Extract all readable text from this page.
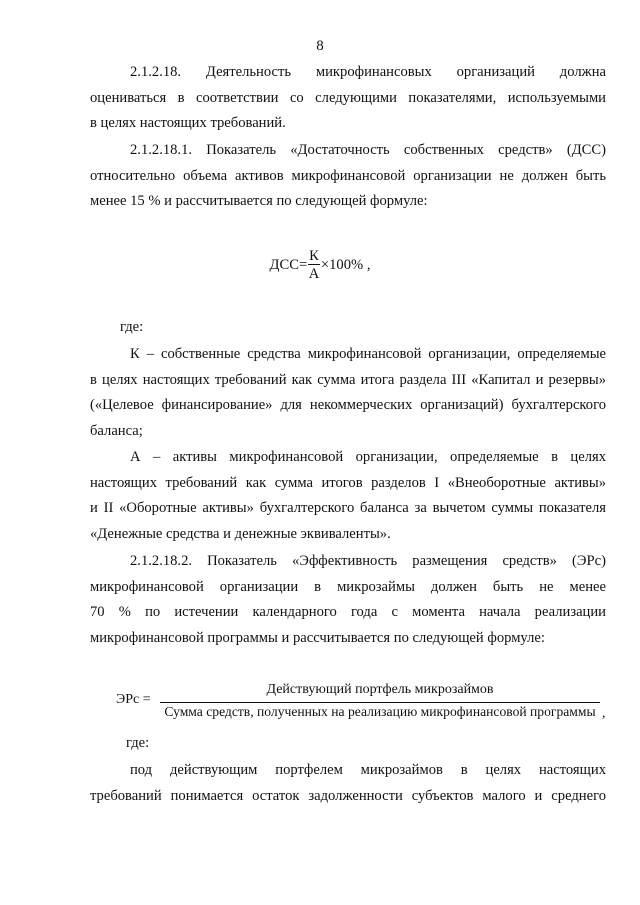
8

2.1.2.18. Деятельность микрофинансовых организаций должна
оцениваться в соответствии со следующими показателями, используемыми
в целях настоящих требований.

2.1.2.18.1. Показатель «Достаточность собственных средств» (ДСС)
относительно объема активов микрофинансовой организации не должен быть
менее 15 % и рассчитывается по следующей формуле:

$ДСС= \frac{К}{А} \times 100\%$ ,
где:

К – собственные средства микрофинансовой организации, определяемые
в целях настоящих требований как сумма итога раздела III «Капитал и резервы»
(«Целевое финансирование» для некоммерческих организаций) бухгалтерского
баланса;

А – активы микрофинансовой организации, определяемые в целях
настоящих требований как сумма итогов разделов I «Внеоборотные активы»
и II «Оборотные активы» бухгалтерского баланса за вычетом суммы показателя
«Денежные средства и денежные эквиваленты».

2.1.2.18.2. Показатель «Эффективность размещения средств» (ЭРс)
микрофинансовой организации в микрозаймы должен быть не менее
70 % по истечении календарного года с момента начала реализации
микрофинансовой программы и рассчитывается по следующей формуле:

ЭРс =
Действующий портфель микрозаймов
Сумма средств, полученных на реализацию микрофинансовой программы ,
где:

под действующим портфелем микрозаймов в целях настоящих
требований понимается остаток задолженности субъектов малого и среднего
